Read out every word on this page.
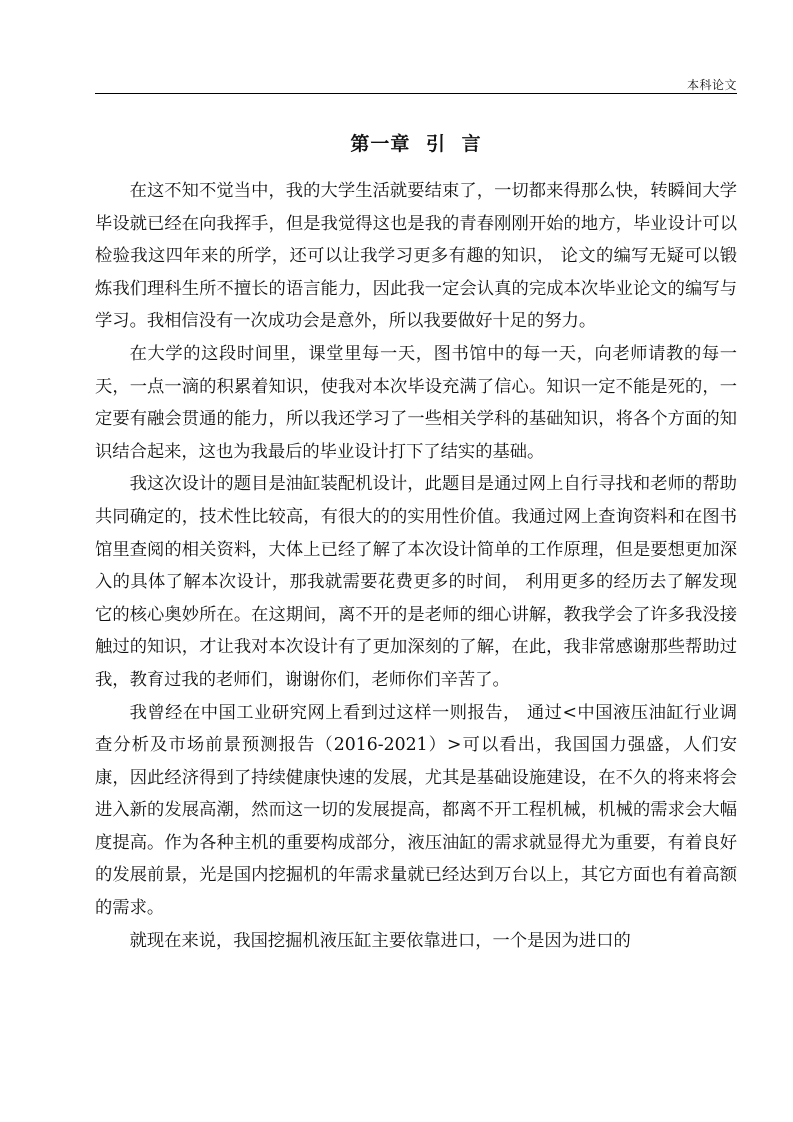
本科论文
第一章 引 言

在这不知不觉当中，我的大学生活就要结束了，一切都来得那么快，转瞬间大学毕设就已经在向我挥手，但是我觉得这也是我的青春刚刚开始的地方，毕业设计可以检验我这四年来的所学，还可以让我学习更多有趣的知识， 论文的编写无疑可以锻炼我们理科生所不擅长的语言能力，因此我一定会认真的完成本次毕业论文的编写与学习。我相信没有一次成功会是意外，所以我要做好十足的努力。

在大学的这段时间里，课堂里每一天，图书馆中的每一天，向老师请教的每一天，一点一滴的积累着知识，使我对本次毕设充满了信心。知识一定不能是死的，一定要有融会贯通的能力，所以我还学习了一些相关学科的基础知识，将各个方面的知识结合起来，这也为我最后的毕业设计打下了结实的基础。

我这次设计的题目是油缸装配机设计，此题目是通过网上自行寻找和老师的帮助共同确定的，技术性比较高，有很大的的实用性价值。我通过网上查询资料和在图书馆里查阅的相关资料，大体上已经了解了本次设计简单的工作原理，但是要想更加深入的具体了解本次设计，那我就需要花费更多的时间， 利用更多的经历去了解发现它的核心奥妙所在。在这期间，离不开的是老师的细心讲解，教我学会了许多我没接触过的知识，才让我对本次设计有了更加深刻的了解，在此，我非常感谢那些帮助过我，教育过我的老师们，谢谢你们，老师你们辛苦了。

我曾经在中国工业研究网上看到过这样一则报告， 通过<中国液压油缸行业调查分析及市场前景预测报告（2016-2021）>可以看出，我国国力强盛，人们安康，因此经济得到了持续健康快速的发展，尤其是基础设施建设，在不久的将来将会进入新的发展高潮，然而这一切的发展提高，都离不开工程机械，机械的需求会大幅度提高。作为各种主机的重要构成部分，液压油缸的需求就显得尤为重要，有着良好的发展前景，光是国内挖掘机的年需求量就已经达到万台以上，其它方面也有着高额的需求。

就现在来说，我国挖掘机液压缸主要依靠进口，一个是因为进口的
